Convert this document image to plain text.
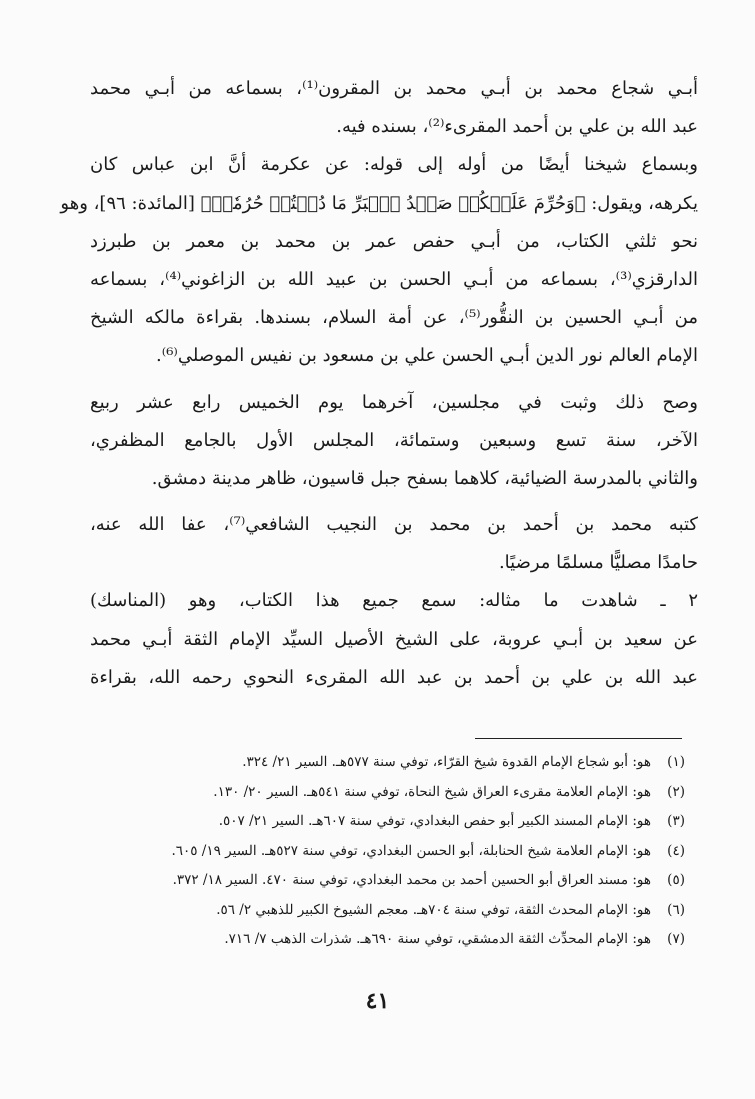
أبـي شجاع محمد بن أبـي محمد بن المقرون⁽¹⁾، بسماعه من أبـي محمد
عبد الله بن علي بن أحمد المقرىء⁽²⁾، بسنده فيه.
وبسماع شيخنا أيضًا من أوله إلى قوله: عن عكرمة أنَّ ابن عباس كان
يكرهه، ويقول: ﴿وَحُرِّمَ عَلَيۡكُمۡ صَيۡدُ ٱلۡبَرِّ مَا دُمۡتُمۡ حُرُمٗاۗ﴾ [المائدة: ٩٦]، وهو
نحو ثلثي الكتاب، من أبـي حفص عمر بن محمد بن معمر بن طبرزد
الدارقزي⁽³⁾، بسماعه من أبـي الحسن بن عبيد الله بن الزاغوني⁽⁴⁾، بسماعه
من أبـي الحسين بن النقُّور⁽⁵⁾، عن أمة السلام، بسندها. بقراءة مالكه الشيخ
الإمام العالم نور الدين أبـي الحسن علي بن مسعود بن نفيس الموصلي⁽⁶⁾.
وصح ذلك وثبت في مجلسين، آخرهما يوم الخميس رابع عشر ربيع
الآخر، سنة تسع وسبعين وستمائة، المجلس الأول بالجامع المظفري،
والثاني بالمدرسة الضيائية، كلاهما بسفح جبل قاسيون، ظاهر مدينة دمشق.
كتبه محمد بن أحمد بن محمد بن النجيب الشافعي⁽⁷⁾، عفا الله عنه،
حامدًا مصليًّا مسلمًا مرضيًا.
٢ ـ شاهدت ما مثاله: سمع جميع هذا الكتاب، وهو (المناسك)
عن سعيد بن أبـي عروبة، على الشيخ الأصيل السيِّد الإمام الثقة أبـي محمد
عبد الله بن علي بن أحمد بن عبد الله المقرىء النحوي رحمه الله، بقراءة
(١)هو: أبو شجاع الإمام القدوة شيخ القرّاء، توفي سنة ٥٧٧هـ. السير ٢١/ ٣٢٤.
(٢)هو: الإمام العلامة مقرىء العراق شيخ النحاة، توفي سنة ٥٤١هـ. السير ٢٠/ ١٣٠.
(٣)هو: الإمام المسند الكبير أبو حفص البغدادي، توفي سنة ٦٠٧هـ. السير ٢١/ ٥٠٧.
(٤)هو: الإمام العلامة شيخ الحنابلة، أبو الحسن البغدادي، توفي سنة ٥٢٧هـ. السير ١٩/ ٦٠٥.
(٥)هو: مسند العراق أبو الحسين أحمد بن محمد البغدادي، توفي سنة ٤٧٠. السير ١٨/ ٣٧٢.
(٦)هو: الإمام المحدث الثقة، توفي سنة ٧٠٤هـ. معجم الشيوخ الكبير للذهبي ٢/ ٥٦.
(٧)هو: الإمام المحدِّث الثقة الدمشقي، توفي سنة ٦٩٠هـ. شذرات الذهب ٧/ ٧١٦.
٤١
